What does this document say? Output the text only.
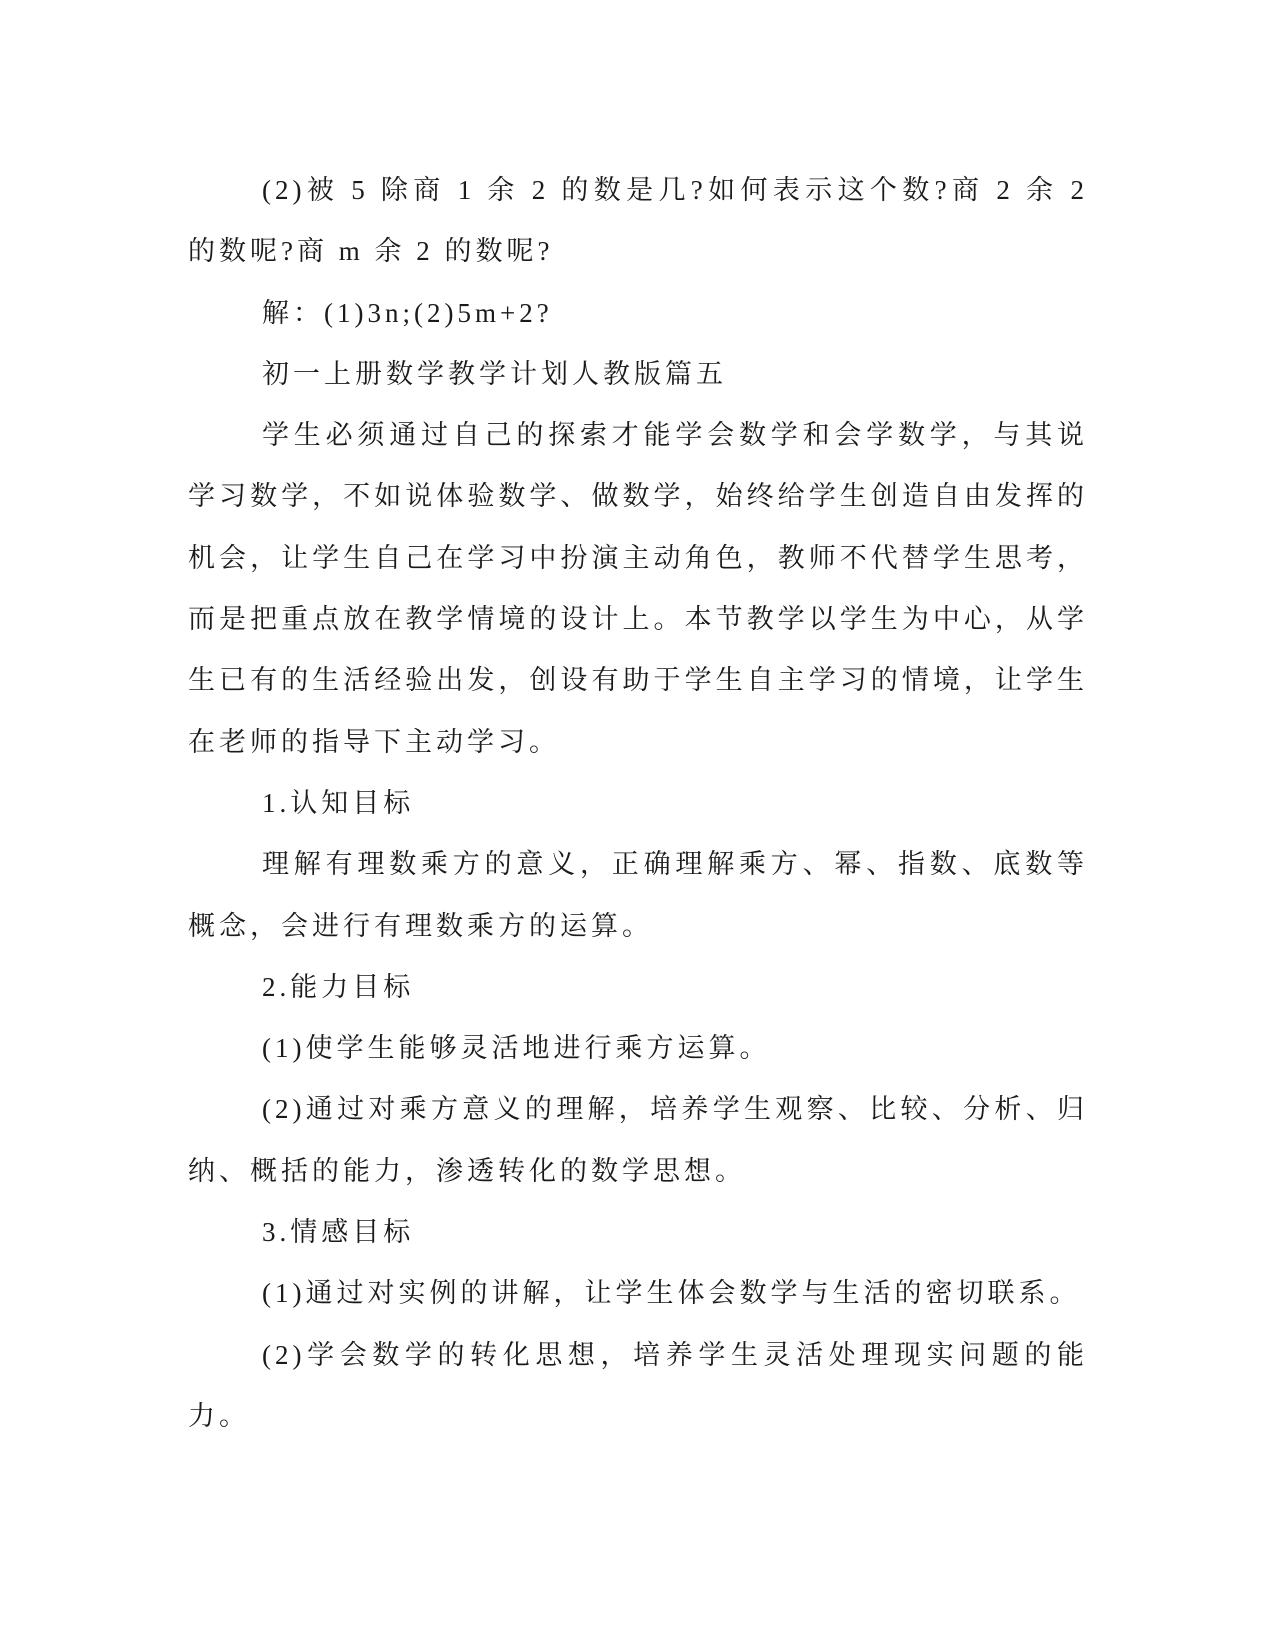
(2)被 5 除商 1 余 2 的数是几?如何表示这个数?商 2 余 2 的数呢?商 m 余 2 的数呢?

解：(1)3n;(2)5m+2?

初一上册数学教学计划人教版篇五

学生必须通过自己的探索才能学会数学和会学数学，与其说学习数学，不如说体验数学、做数学，始终给学生创造自由发挥的机会，让学生自己在学习中扮演主动角色，教师不代替学生思考，而是把重点放在教学情境的设计上。本节教学以学生为中心，从学生已有的生活经验出发，创设有助于学生自主学习的情境，让学生在老师的指导下主动学习。

1.认知目标

理解有理数乘方的意义，正确理解乘方、幂、指数、底数等概念，会进行有理数乘方的运算。

2.能力目标

(1)使学生能够灵活地进行乘方运算。

(2)通过对乘方意义的理解，培养学生观察、比较、分析、归纳、概括的能力，渗透转化的数学思想。

3.情感目标

(1)通过对实例的讲解，让学生体会数学与生活的密切联系。

(2)学会数学的转化思想，培养学生灵活处理现实问题的能力。
